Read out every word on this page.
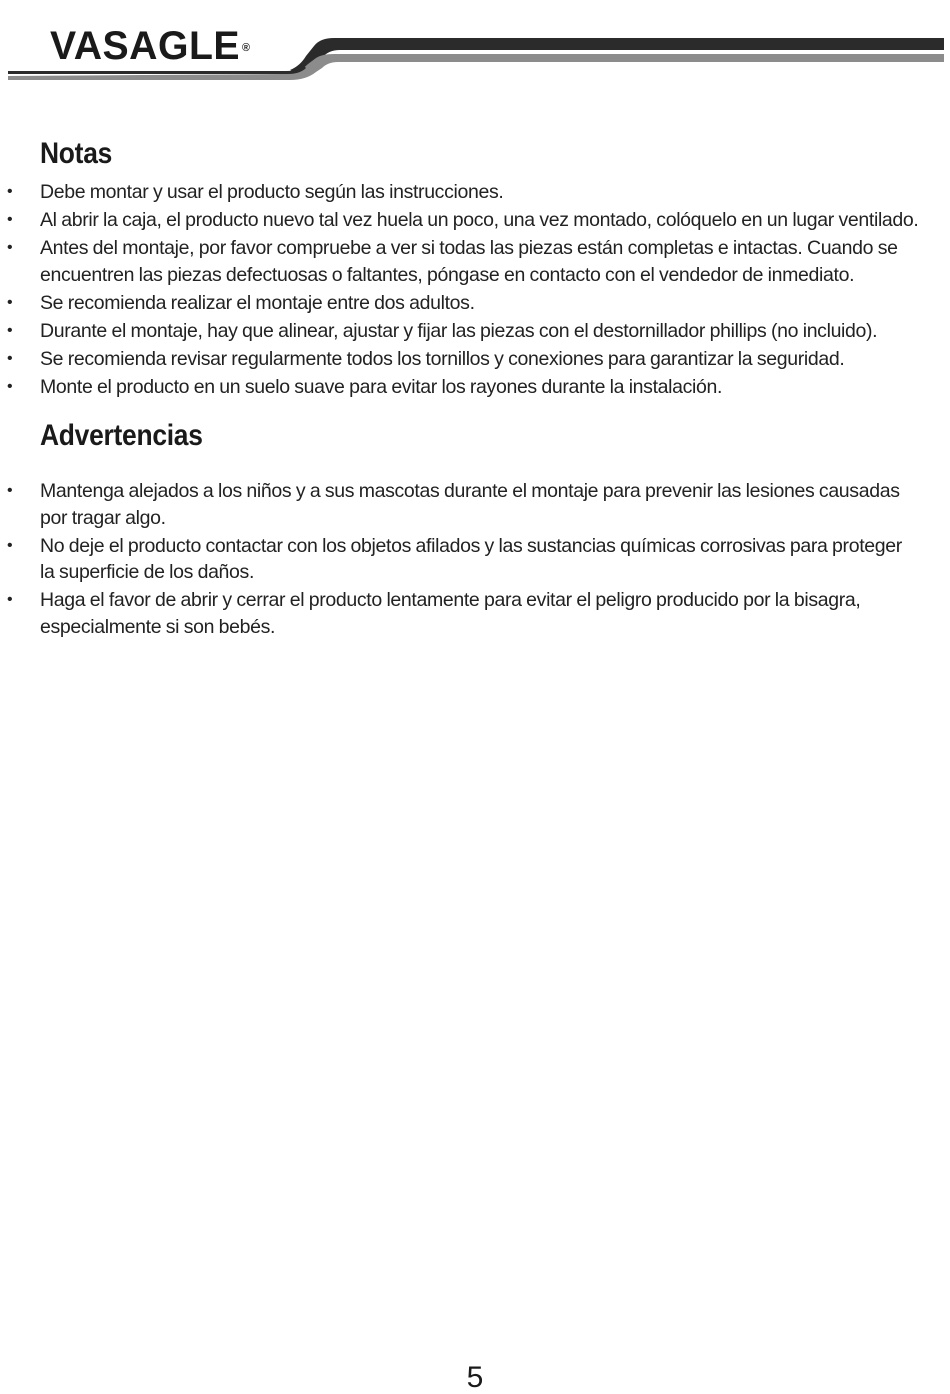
VASAGLE ®
Notas
• Debe montar y usar el producto según las instrucciones.
• Al abrir la caja, el producto nuevo tal vez huela un poco, una vez montado, colóquelo en un lugar ventilado.
• Antes del montaje, por favor compruebe a ver si todas las piezas están completas e intactas. Cuando se encuentren las piezas defectuosas o faltantes, póngase en contacto con el vendedor de inmediato.
• Se recomienda realizar el montaje entre dos adultos.
• Durante el montaje, hay que alinear, ajustar y fijar las piezas con el destornillador phillips (no incluido).
• Se recomienda revisar regularmente todos los tornillos y conexiones para garantizar la seguridad.
• Monte el producto en un suelo suave para evitar los rayones durante la instalación.
Advertencias
• Mantenga alejados a los niños y a sus mascotas durante el montaje para prevenir las lesiones causadas por tragar algo.
• No deje el producto contactar con los objetos afilados y las sustancias químicas corrosivas para proteger la superficie de los daños.
• Haga el favor de abrir y cerrar el producto lentamente para evitar el peligro producido por la bisagra, especialmente si son bebés.
5
